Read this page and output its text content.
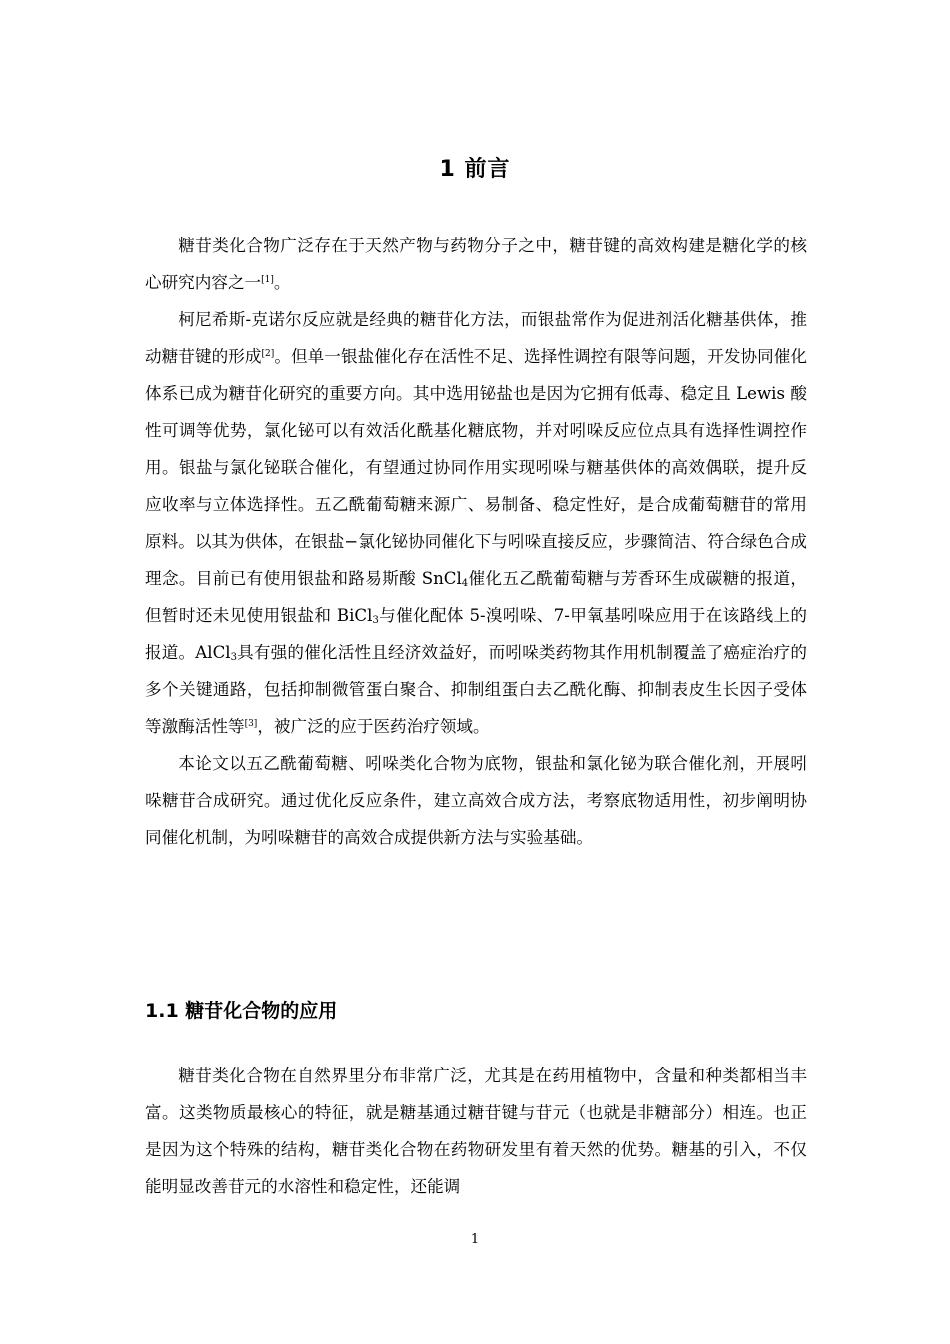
1 前言

糖苷类化合物广泛存在于天然产物与药物分子之中，糖苷键的高效构建是糖化学的核心研究内容之一[1]。

柯尼希斯-克诺尔反应就是经典的糖苷化方法，而银盐常作为促进剂活化糖基供体，推动糖苷键的形成[2]。但单一银盐催化存在活性不足、选择性调控有限等问题，开发协同催化体系已成为糖苷化研究的重要方向。其中选用铋盐也是因为它拥有低毒、稳定且 Lewis 酸性可调等优势，氯化铋可以有效活化酰基化糖底物，并对吲哚反应位点具有选择性调控作用。银盐与氯化铋联合催化，有望通过协同作用实现吲哚与糖基供体的高效偶联，提升反应收率与立体选择性。五乙酰葡萄糖来源广、易制备、稳定性好，是合成葡萄糖苷的常用原料。以其为供体，在银盐−氯化铋协同催化下与吲哚直接反应，步骤简洁、符合绿色合成理念。目前已有使用银盐和路易斯酸 SnCl$_4$催化五乙酰葡萄糖与芳香环生成碳糖的报道，但暂时还未见使用银盐和 BiCl$_3$与催化配体 5-溴吲哚、7-甲氧基吲哚应用于在该路线上的报道。AlCl$_3$具有强的催化活性且经济效益好，而吲哚类药物其作用机制覆盖了癌症治疗的多个关键通路，包括抑制微管蛋白聚合、抑制组蛋白去乙酰化酶、抑制表皮生长因子受体等激酶活性等[3]，被广泛的应于医药治疗领域。

本论文以五乙酰葡萄糖、吲哚类化合物为底物，银盐和氯化铋为联合催化剂，开展吲哚糖苷合成研究。通过优化反应条件，建立高效合成方法，考察底物适用性，初步阐明协同催化机制，为吲哚糖苷的高效合成提供新方法与实验基础。

1.1 糖苷化合物的应用

糖苷类化合物在自然界里分布非常广泛，尤其是在药用植物中，含量和种类都相当丰富。这类物质最核心的特征，就是糖基通过糖苷键与苷元（也就是非糖部分）相连。也正是因为这个特殊的结构，糖苷类化合物在药物研发里有着天然的优势。糖基的引入，不仅能明显改善苷元的水溶性和稳定性，还能调

1
